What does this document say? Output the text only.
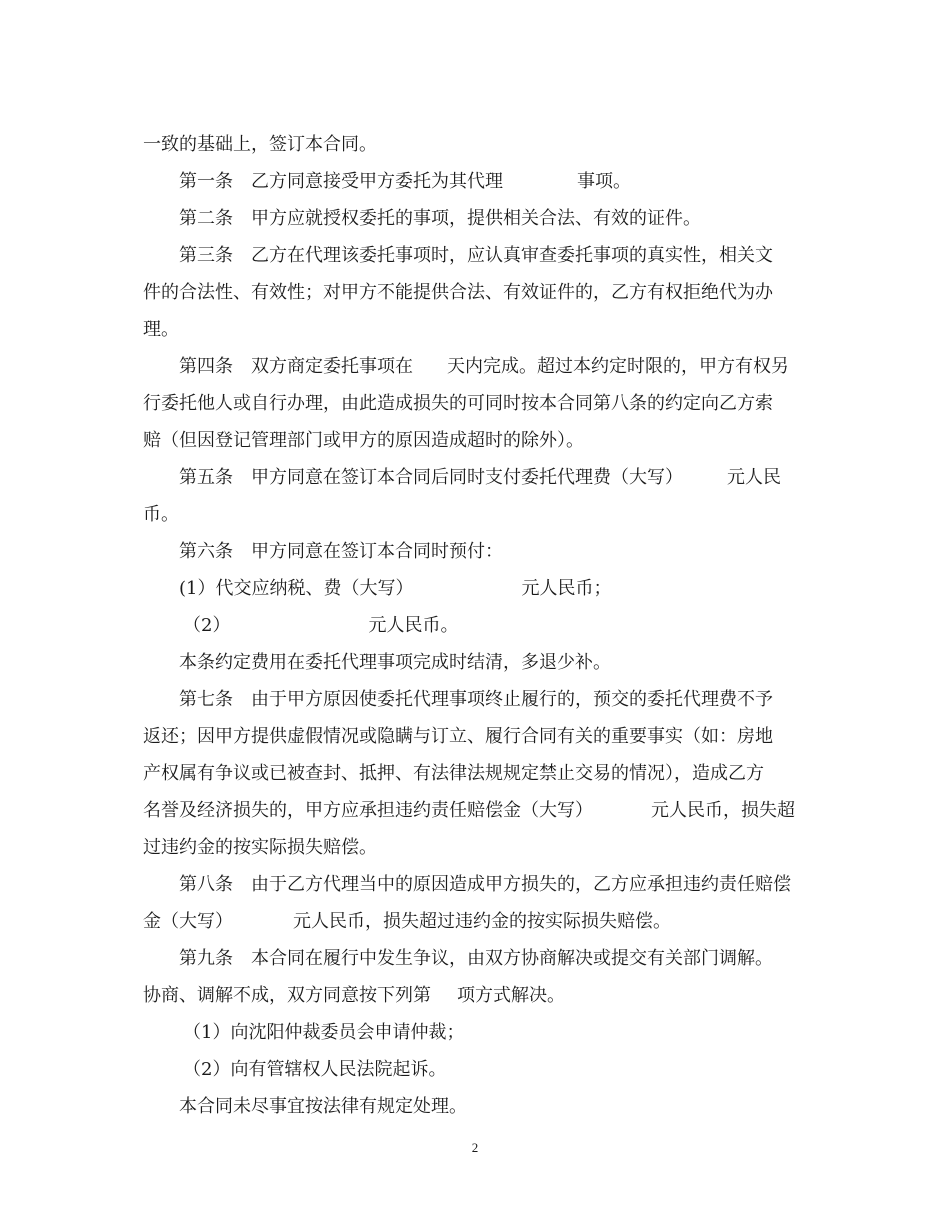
一致的基础上，签订本合同。
第一条　乙方同意接受甲方委托为其代理	事项。
第二条　甲方应就授权委托的事项，提供相关合法、有效的证件。
第三条　乙方在代理该委托事项时，应认真审查委托事项的真实性，相关文
件的合法性、有效性；对甲方不能提供合法、有效证件的，乙方有权拒绝代为办
理。
第四条　双方商定委托事项在 天内完成。超过本约定时限的，甲方有权另
行委托他人或自行办理，由此造成损失的可同时按本合同第八条的约定向乙方索
赔（但因登记管理部门或甲方的原因造成超时的除外）。
第五条　甲方同意在签订本合同后同时支付委托代理费（大写） 元人民
币。
第六条　甲方同意在签订本合同时预付：
(1）代交应纳税、费（大写）	元人民币；
（2）	元人民币。
本条约定费用在委托代理事项完成时结清，多退少补。
第七条　由于甲方原因使委托代理事项终止履行的，预交的委托代理费不予
返还；因甲方提供虚假情况或隐瞒与订立、履行合同有关的重要事实（如：房地
产权属有争议或已被查封、抵押、有法律法规规定禁止交易的情况），造成乙方
名誉及经济损失的，甲方应承担违约责任赔偿金（大写）	元人民币，损失超
过违约金的按实际损失赔偿。
第八条　由于乙方代理当中的原因造成甲方损失的，乙方应承担违约责任赔偿
金（大写）	元人民币，损失超过违约金的按实际损失赔偿。
第九条　本合同在履行中发生争议，由双方协商解决或提交有关部门调解。
协商、调解不成，双方同意按下列第 项方式解决。
（1）向沈阳仲裁委员会申请仲裁；
（2）向有管辖权人民法院起诉。
本合同未尽事宜按法律有规定处理。
2
